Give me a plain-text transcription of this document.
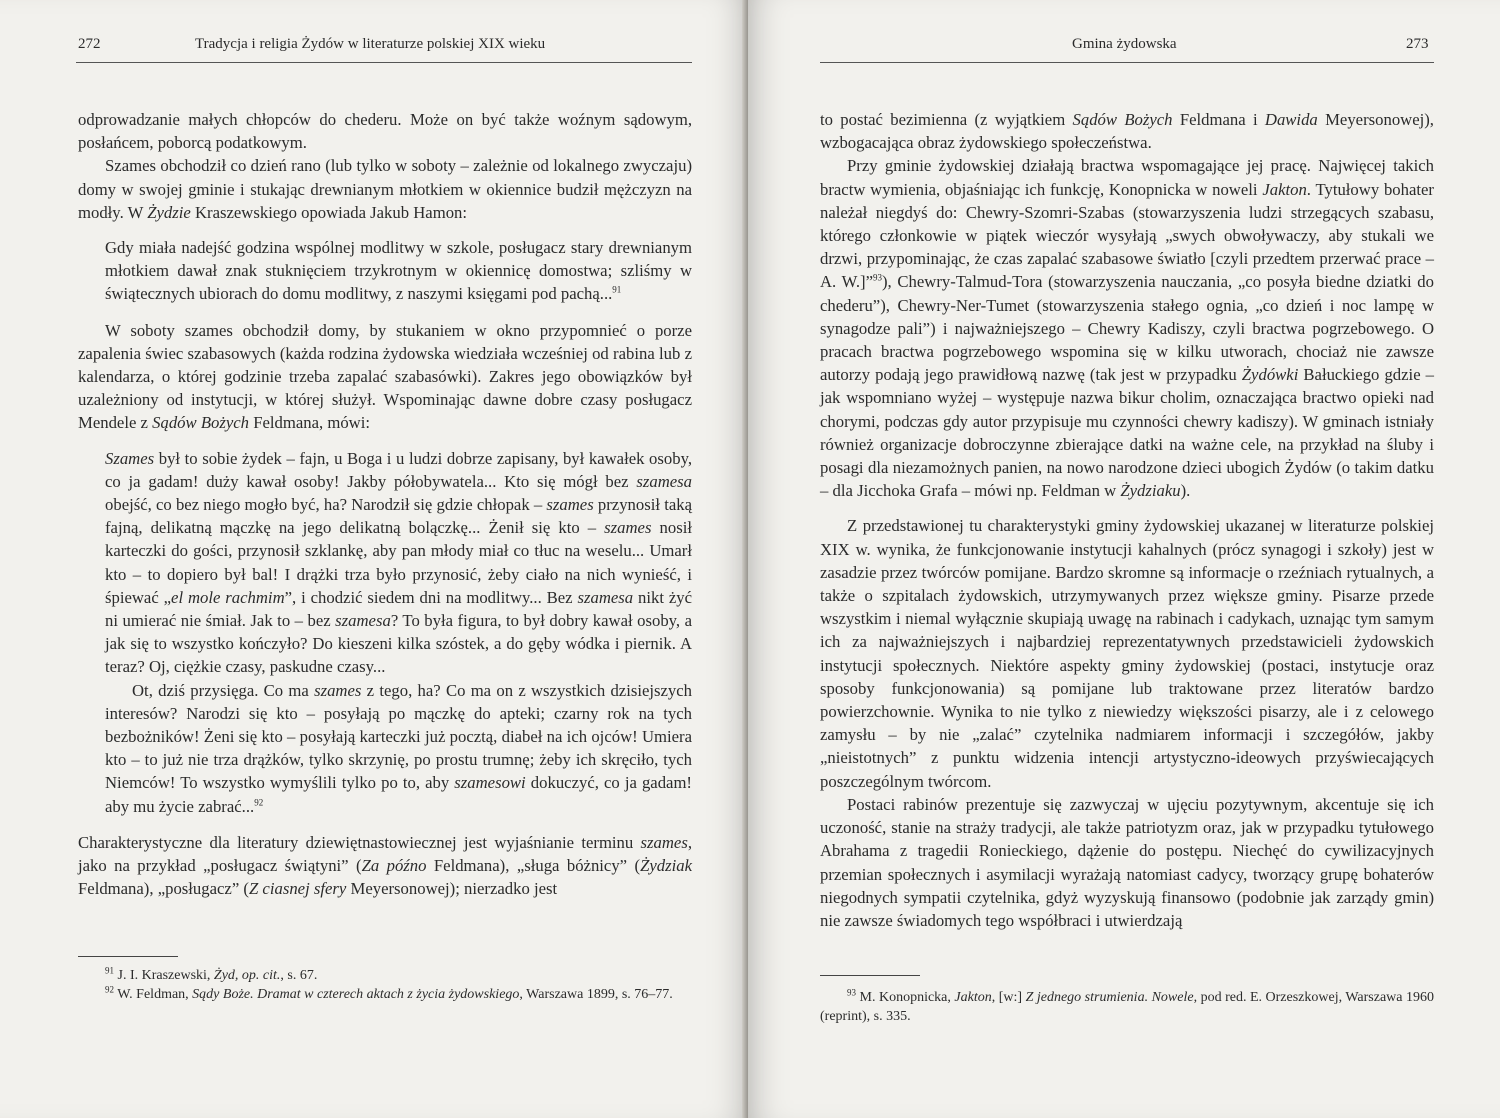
272	Tradycja i religia Żydów w literaturze polskiej XIX wieku

odprowadzanie małych chłopców do chederu. Może on być także woźnym sądowym, posłańcem, poborcą podatkowym.

Szames obchodził co dzień rano (lub tylko w soboty – zależnie od lokalnego zwyczaju) domy w swojej gminie i stukając drewnianym młotkiem w okiennice budził mężczyzn na modły. W Żydzie Kraszewskiego opowiada Jakub Hamon:

Gdy miała nadejść godzina wspólnej modlitwy w szkole, posługacz stary drewnianym młotkiem dawał znak stuknięciem trzykrotnym w okiennicę domostwa; szliśmy w świątecznych ubiorach do domu modlitwy, z naszymi księgami pod pachą...$^{91}$

W soboty szames obchodził domy, by stukaniem w okno przypomnieć o porze zapalenia świec szabasowych (każda rodzina żydowska wiedziała wcześniej od rabina lub z kalendarza, o której godzinie trzeba zapalać szabasówki). Zakres jego obowiązków był uzależniony od instytucji, w której służył. Wspominając dawne dobre czasy posługacz Mendele z Sądów Bożych Feldmana, mówi:

Szames był to sobie żydek – fajn, u Boga i u ludzi dobrze zapisany, był kawałek osoby, co ja gadam! duży kawał osoby! Jakby półobywatela... Kto się mógł bez szamesa obejść, co bez niego mogło być, ha? Narodził się gdzie chłopak – szames przynosił taką fajną, delikatną mączkę na jego delikatną bolączkę... Żenił się kto – szames nosił karteczki do gości, przynosił szklankę, aby pan młody miał co tłuc na weselu... Umarł kto – to dopiero był bal! I drążki trza było przynosić, żeby ciało na nich wynieść, i śpiewać „el mole rachmim”, i chodzić siedem dni na modlitwy... Bez szamesa nikt żyć ni umierać nie śmiał. Jak to – bez szamesa? To była figura, to był dobry kawał osoby, a jak się to wszystko kończyło? Do kieszeni kilka szóstek, a do gęby wódka i piernik. A teraz? Oj, ciężkie czasy, paskudne czasy...

Ot, dziś przysięga. Co ma szames z tego, ha? Co ma on z wszystkich dzisiejszych interesów? Narodzi się kto – posyłają po mączkę do apteki; czarny rok na tych bezbożników! Żeni się kto – posyłają karteczki już pocztą, diabeł na ich ojców! Umiera kto – to już nie trza drążków, tylko skrzynię, po prostu trumnę; żeby ich skręciło, tych Niemców! To wszystko wymyślili tylko po to, aby szamesowi dokuczyć, co ja gadam! aby mu życie zabrać...$^{92}$

Charakterystyczne dla literatury dziewiętnastowiecznej jest wyjaśnianie terminu szames, jako na przykład „posługacz świątyni” (Za późno Feldmana), „sługa bóżnicy” (Żydziak Feldmana), „posługacz” (Z ciasnej sfery Meyersonowej); nierzadko jest

$^{91}$ J. I. Kraszewski, Żyd, op. cit., s. 67.

$^{92}$ W. Feldman, Sądy Boże. Dramat w czterech aktach z życia żydowskiego, Warszawa 1899, s. 76–77.

Gmina żydowska	273

to postać bezimienna (z wyjątkiem Sądów Bożych Feldmana i Dawida Meyersonowej), wzbogacająca obraz żydowskiego społeczeństwa.

Przy gminie żydowskiej działają bractwa wspomagające jej pracę. Najwięcej takich bractw wymienia, objaśniając ich funkcję, Konopnicka w noweli Jakton. Tytułowy bohater należał niegdyś do: Chewry-Szomri-Szabas (stowarzyszenia ludzi strzegących szabasu, którego członkowie w piątek wieczór wysyłają „swych obwoływaczy, aby stukali we drzwi, przypominając, że czas zapalać szabasowe światło [czyli przedtem przerwać prace – A. W.]”$^{93}$), Chewry-Talmud-Tora (stowarzyszenia nauczania, „co posyła biedne dziatki do chederu”), Chewry-Ner-Tumet (stowarzyszenia stałego ognia, „co dzień i noc lampę w synagodze pali”) i najważniejszego – Chewry Kadiszy, czyli bractwa pogrzebowego. O pracach bractwa pogrzebowego wspomina się w kilku utworach, chociaż nie zawsze autorzy podają jego prawidłową nazwę (tak jest w przypadku Żydówki Bałuckiego gdzie – jak wspomniano wyżej – występuje nazwa bikur cholim, oznaczająca bractwo opieki nad chorymi, podczas gdy autor przypisuje mu czynności chewry kadiszy). W gminach istniały również organizacje dobroczynne zbierające datki na ważne cele, na przykład na śluby i posagi dla niezamożnych panien, na nowo narodzone dzieci ubogich Żydów (o takim datku – dla Jicchoka Grafa – mówi np. Feldman w Żydziaku).

Z przedstawionej tu charakterystyki gminy żydowskiej ukazanej w literaturze polskiej XIX w. wynika, że funkcjonowanie instytucji kahalnych (prócz synagogi i szkoły) jest w zasadzie przez twórców pomijane. Bardzo skromne są informacje o rzeźniach rytualnych, a także o szpitalach żydowskich, utrzymywanych przez większe gminy. Pisarze przede wszystkim i niemal wyłącznie skupiają uwagę na rabinach i cadykach, uznając tym samym ich za najważniejszych i najbardziej reprezentatywnych przedstawicieli żydowskich instytucji społecznych. Niektóre aspekty gminy żydowskiej (postaci, instytucje oraz sposoby funkcjonowania) są pomijane lub traktowane przez literatów bardzo powierzchownie. Wynika to nie tylko z niewiedzy większości pisarzy, ale i z celowego zamysłu – by nie „zalać” czytelnika nadmiarem informacji i szczegółów, jakby „nieistotnych” z punktu widzenia intencji artystyczno-ideowych przyświecających poszczególnym twórcom.

Postaci rabinów prezentuje się zazwyczaj w ujęciu pozytywnym, akcentuje się ich uczoność, stanie na straży tradycji, ale także patriotyzm oraz, jak w przypadku tytułowego Abrahama z tragedii Ronieckiego, dążenie do postępu. Niechęć do cywilizacyjnych przemian społecznych i asymilacji wyrażają natomiast cadycy, tworzący grupę bohaterów niegodnych sympatii czytelnika, gdyż wyzyskują finansowo (podobnie jak zarządy gmin) nie zawsze świadomych tego współbraci i utwierdzają

$^{93}$ M. Konopnicka, Jakton, [w:] Z jednego strumienia. Nowele, pod red. E. Orzeszkowej, Warszawa 1960 (reprint), s. 335.
